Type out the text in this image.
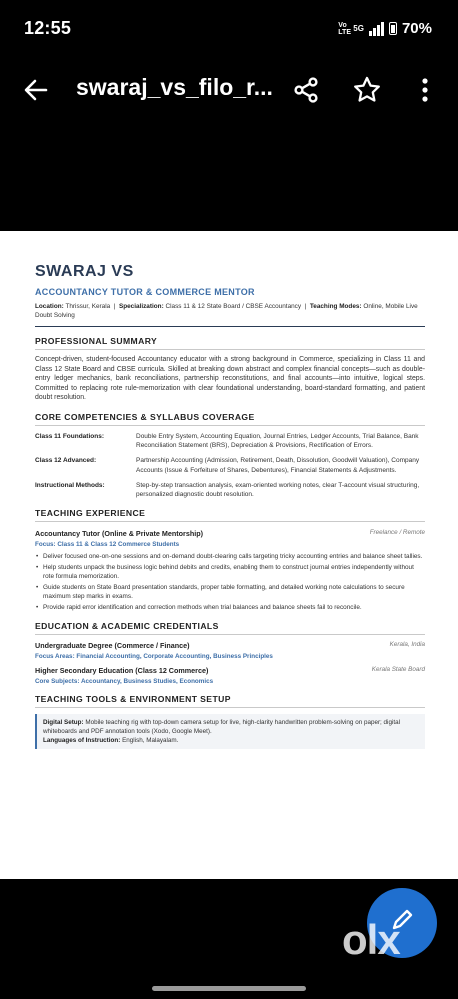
12:55	Vo LTE 5G	70%
swaraj_vs_filo_r...
SWARAJ VS
ACCOUNTANCY TUTOR & COMMERCE MENTOR
Location: Thrissur, Kerala  |  Specialization: Class 11 & 12 State Board / CBSE Accountancy  |  Teaching Modes: Online, Mobile Live Doubt Solving
PROFESSIONAL SUMMARY
Concept-driven, student-focused Accountancy educator with a strong background in Commerce, specializing in Class 11 and Class 12 State Board and CBSE curricula. Skilled at breaking down abstract and complex financial concepts—such as double-entry ledger mechanics, bank reconciliations, partnership reconstitutions, and final accounts—into intuitive, logical steps. Committed to replacing rote rule-memorization with clear foundational understanding, board-standard formatting, and patient doubt resolution.
CORE COMPETENCIES & SYLLABUS COVERAGE
Class 11 Foundations:	Double Entry System, Accounting Equation, Journal Entries, Ledger Accounts, Trial Balance, Bank Reconciliation Statement (BRS), Depreciation & Provisions, Rectification of Errors.
Class 12 Advanced:	Partnership Accounting (Admission, Retirement, Death, Dissolution, Goodwill Valuation), Company Accounts (Issue & Forfeiture of Shares, Debentures), Financial Statements & Adjustments.
Instructional Methods:	Step-by-step transaction analysis, exam-oriented working notes, clear T-account visual structuring, personalized diagnostic doubt resolution.
TEACHING EXPERIENCE
Accountancy Tutor (Online & Private Mentorship)	Freelance / Remote
Focus: Class 11 & Class 12 Commerce Students
• Deliver focused one-on-one sessions and on-demand doubt-clearing calls targeting tricky accounting entries and balance sheet tallies.
• Help students unpack the business logic behind debits and credits, enabling them to construct journal entries independently without rote formula memorization.
• Guide students on State Board presentation standards, proper table formatting, and detailed working note calculations to secure maximum step marks in exams.
• Provide rapid error identification and correction methods when trial balances and balance sheets fail to reconcile.
EDUCATION & ACADEMIC CREDENTIALS
Undergraduate Degree (Commerce / Finance)	Kerala, India
Focus Areas: Financial Accounting, Corporate Accounting, Business Principles
Higher Secondary Education (Class 12 Commerce)	Kerala State Board
Core Subjects: Accountancy, Business Studies, Economics
TEACHING TOOLS & ENVIRONMENT SETUP
Digital Setup: Mobile teaching rig with top-down camera setup for live, high-clarity handwritten problem-solving on paper; digital whiteboards and PDF annotation tools (Xodo, Google Meet).
Languages of Instruction: English, Malayalam.
olx
